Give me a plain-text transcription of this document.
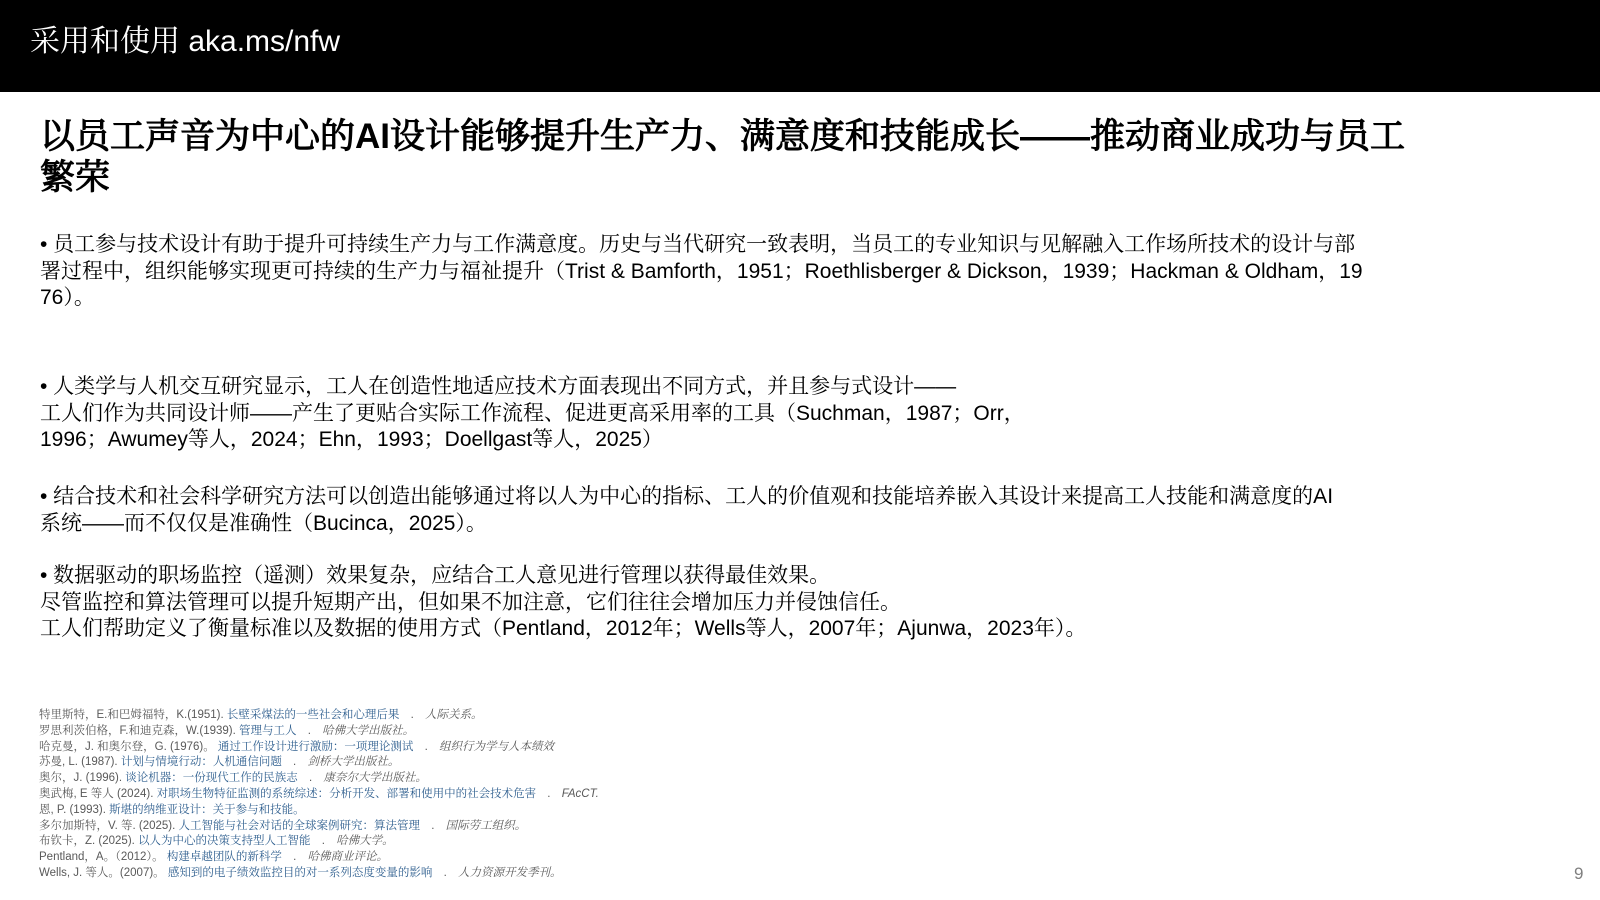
采用和使用 aka.ms/nfw
以员工声音为中心的AI设计能够提升生产力、满意度和技能成长——推动商业成功与员工
繁荣
• 员工参与技术设计有助于提升可持续生产力与工作满意度。历史与当代研究一致表明，当员工的专业知识与见解融入工作场所技术的设计与部
署过程中，组织能够实现更可持续的生产力与福祉提升（Trist & Bamforth，1951；Roethlisberger & Dickson，1939；Hackman & Oldham，19
76）。
• 人类学与人机交互研究显示，工人在创造性地适应技术方面表现出不同方式，并且参与式设计——
工人们作为共同设计师——产生了更贴合实际工作流程、促进更高采用率的工具（Suchman，1987；Orr，
1996；Awumey等人，2024；Ehn，1993；Doellgast等人，2025）
• 结合技术和社会科学研究方法可以创造出能够通过将以人为中心的指标、工人的价值观和技能培养嵌入其设计来提高工人技能和满意度的AI
系统——而不仅仅是准确性（Bucinca，2025）。
• 数据驱动的职场监控（遥测）效果复杂，应结合工人意见进行管理以获得最佳效果。
尽管监控和算法管理可以提升短期产出，但如果不加注意，它们往往会增加压力并侵蚀信任。
工人们帮助定义了衡量标准以及数据的使用方式（Pentland，2012年；Wells等人，2007年；Ajunwa，2023年）。
特里斯特，E.和巴姆福特，K.(1951). 长壁采煤法的一些社会和心理后果 . 人际关系。
罗思利茨伯格，F.和迪克森，W.(1939). 管理与工人 . 哈佛大学出版社。
哈克曼，J. 和奥尔登，G. (1976)。 通过工作设计进行激励：一项理论测试 . 组织行为学与人本绩效
苏曼, L. (1987). 计划与情境行动：人机通信问题 . 剑桥大学出版社。
奥尔，J. (1996). 谈论机器：一份现代工作的民族志 . 康奈尔大学出版社。
奥武梅, E 等人 (2024). 对职场生物特征监测的系统综述：分析开发、部署和使用中的社会技术危害 . FAcCT.
恩, P. (1993). 斯堪的纳维亚设计：关于参与和技能。
多尔加斯特，V. 等. (2025). 人工智能与社会对话的全球案例研究：算法管理 . 国际劳工组织。
布钦卡，Z. (2025). 以人为中心的决策支持型人工智能 . 哈佛大学。
Pentland，A。（2012）。 构建卓越团队的新科学 . 哈佛商业评论。
Wells, J. 等人。(2007)。 感知到的电子绩效监控目的对一系列态度变量的影响 . 人力资源开发季刊。	9
